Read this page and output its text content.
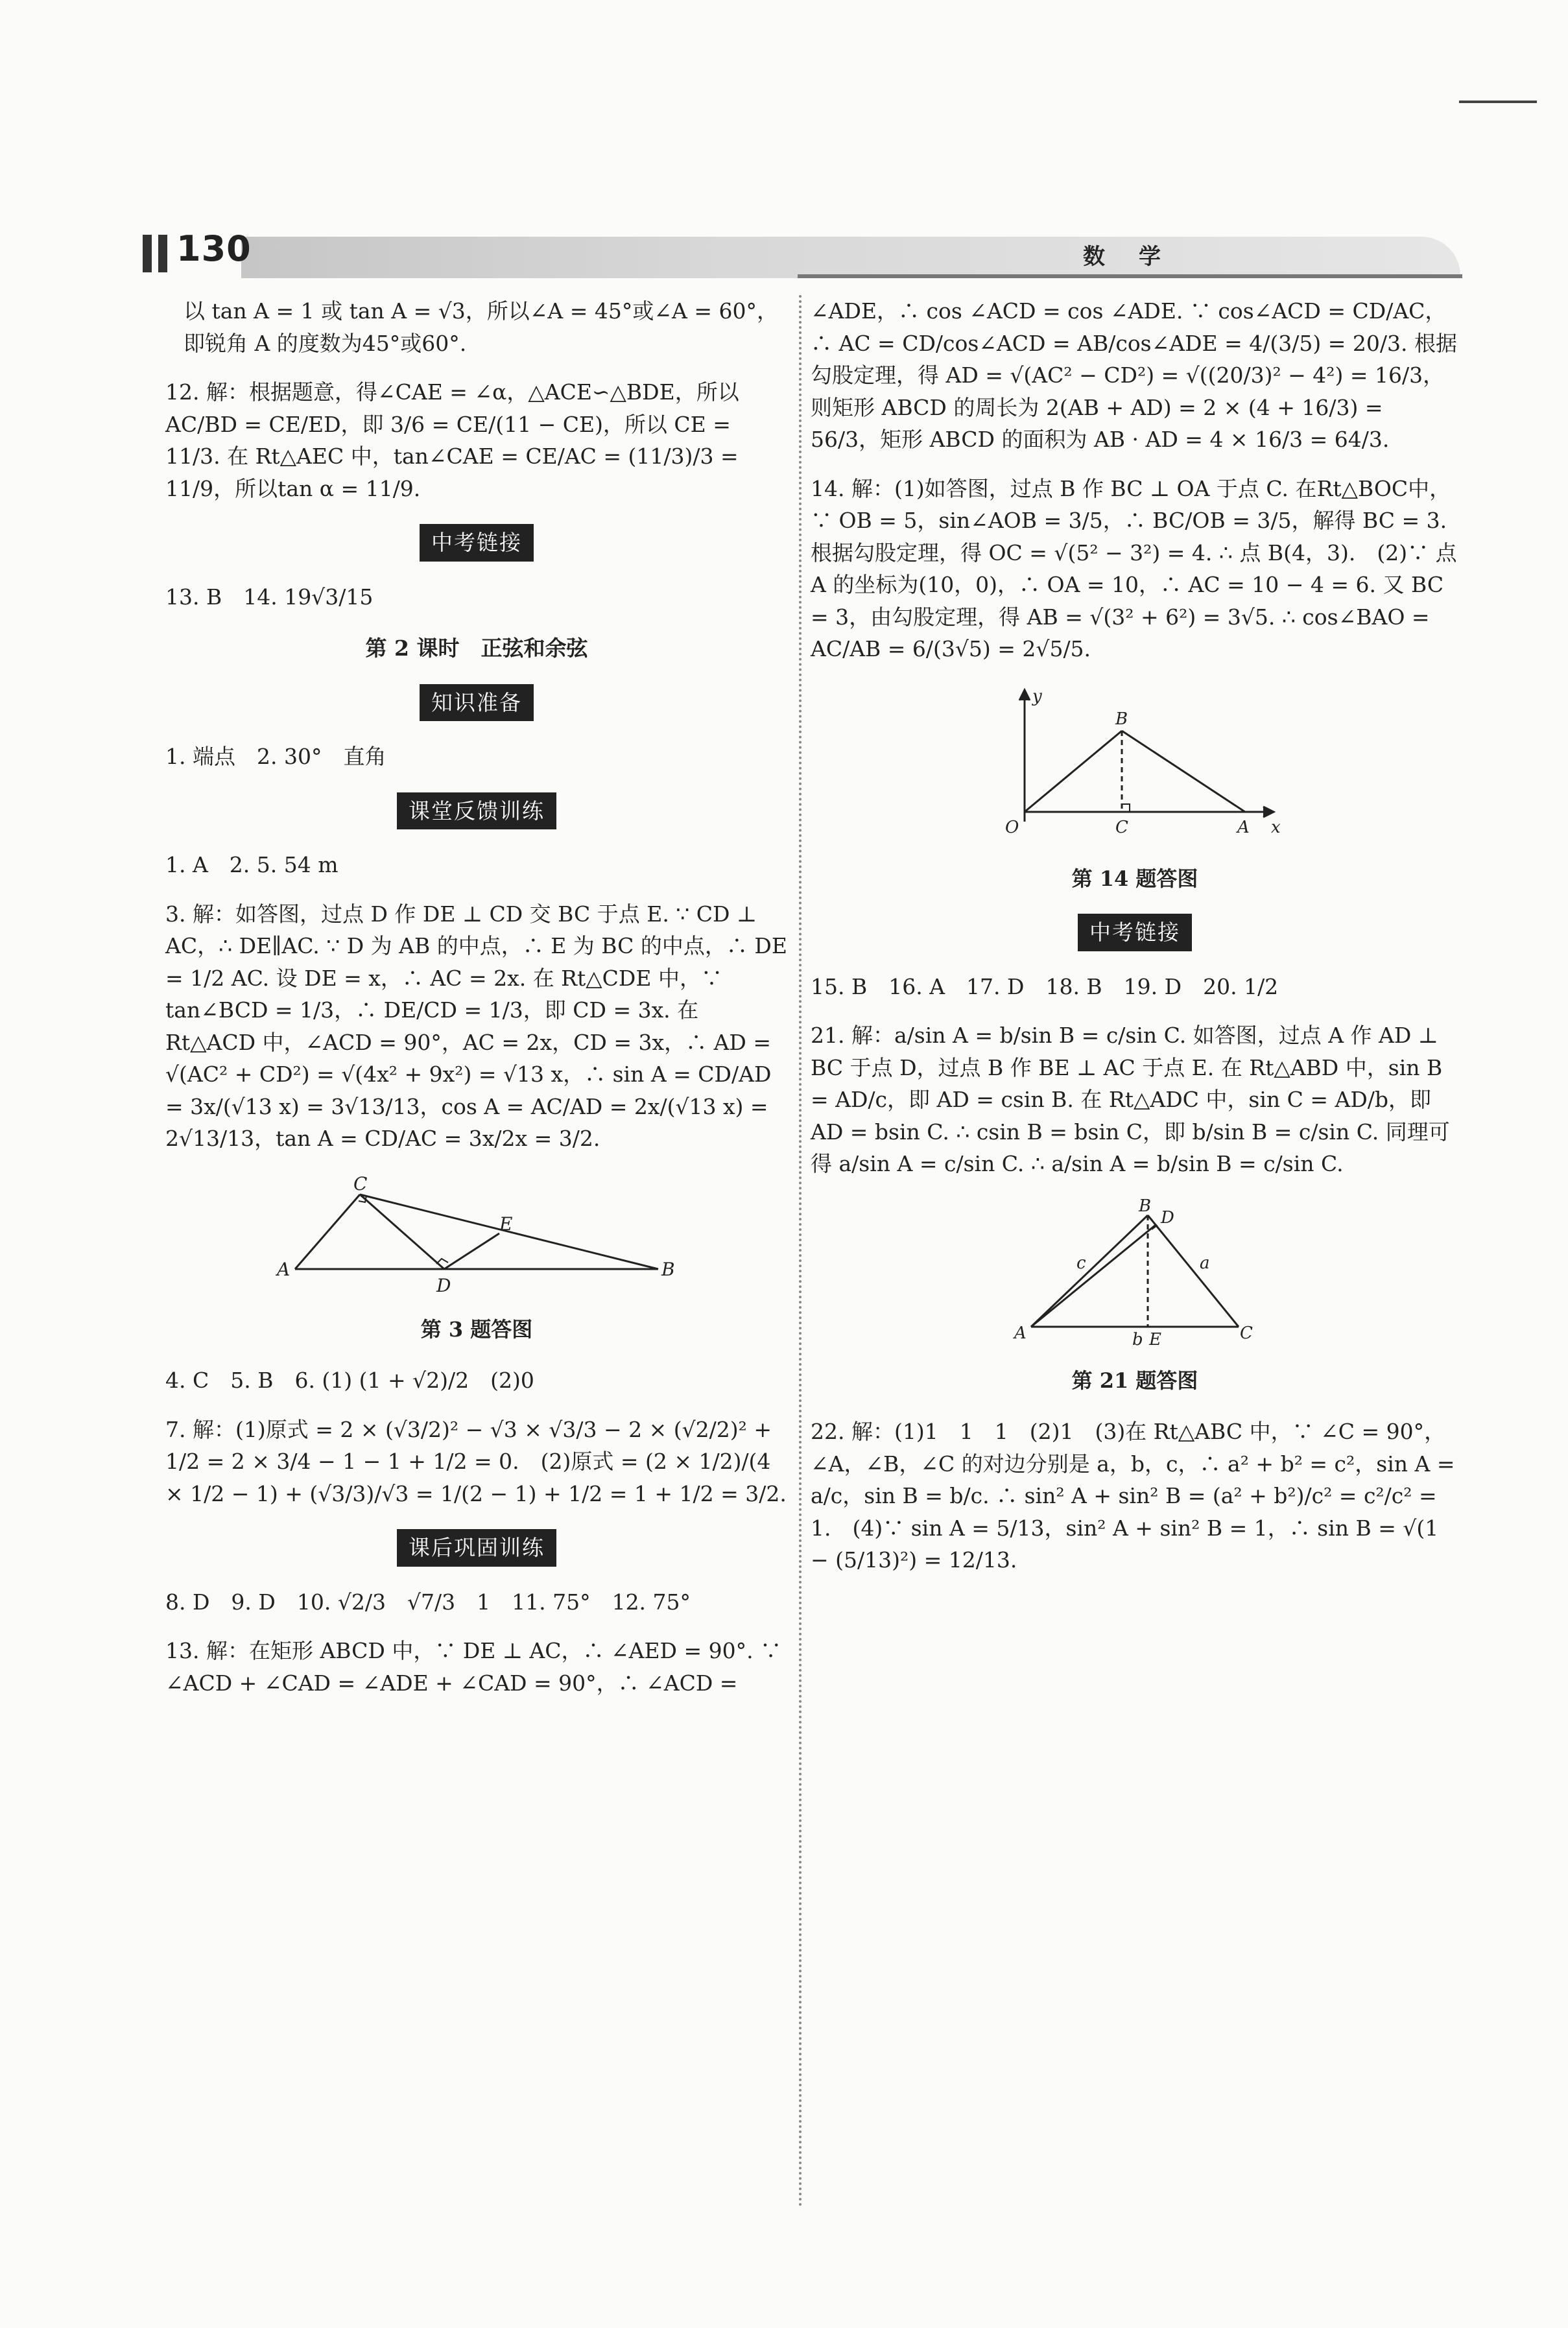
130	数学

以 tan A = 1 或 tan A = √3，所以∠A = 45°或∠A = 60°，即锐角 A 的度数为45°或60°.

12. 解：根据题意，得∠CAE = ∠α，△ACE∽△BDE，所以AC/BD = CE/ED，即 3/6 = CE/(11 − CE)，所以 CE = 11/3. 在 Rt△AEC 中，tan∠CAE = CE/AC = (11/3)/3 = 11/9，所以tan α = 11/9.

中考链接

13. B　14. 19√3/15

第 2 课时　正弦和余弦
知识准备

1. 端点　2. 30°　直角

课堂反馈训练

1. A　2. 5. 54 m

3. 解：如答图，过点 D 作 DE ⊥ CD 交 BC 于点 E. ∵ CD ⊥ AC，∴ DE∥AC. ∵ D 为 AB 的中点，∴ E 为 BC 的中点，∴ DE = 1/2 AC. 设 DE = x，∴ AC = 2x. 在 Rt△CDE 中，∵ tan∠BCD = 1/3，∴ DE/CD = 1/3，即 CD = 3x. 在 Rt△ACD 中，∠ACD = 90°，AC = 2x，CD = 3x，∴ AD = √(AC² + CD²) = √(4x² + 9x²) = √13 x，∴ sin A = CD/AD = 3x/(√13 x) = 3√13/13，cos A = AC/AD = 2x/(√13 x) = 2√13/13，tan A = CD/AC = 3x/2x = 3/2.

C
E
A
D
B
第 3 题答图

4. C　5. B　6. (1) (1 + √2)/2　(2)0

7. 解：(1)原式 = 2 × (√3/2)² − √3 × √3/3 − 2 × (√2/2)² + 1/2 = 2 × 3/4 − 1 − 1 + 1/2 = 0.　(2)原式 = (2 × 1/2)/(4 × 1/2 − 1) + (√3/3)/√3 = 1/(2 − 1) + 1/2 = 1 + 1/2 = 3/2.

课后巩固训练

8. D　9. D　10. √2/3　√7/3　1　11. 75°　12. 75°

13. 解：在矩形 ABCD 中，∵ DE ⊥ AC，∴ ∠AED = 90°. ∵ ∠ACD + ∠CAD = ∠ADE + ∠CAD = 90°，∴ ∠ACD =

∠ADE，∴ cos ∠ACD = cos ∠ADE. ∵ cos∠ACD = CD/AC，∴ AC = CD/cos∠ACD = AB/cos∠ADE = 4/(3/5) = 20/3. 根据勾股定理，得 AD = √(AC² − CD²) = √((20/3)² − 4²) = 16/3，则矩形 ABCD 的周长为 2(AB + AD) = 2 × (4 + 16/3) = 56/3，矩形 ABCD 的面积为 AB · AD = 4 × 16/3 = 64/3.

14. 解：(1)如答图，过点 B 作 BC ⊥ OA 于点 C. 在Rt△BOC中，∵ OB = 5，sin∠AOB = 3/5，∴ BC/OB = 3/5，解得 BC = 3. 根据勾股定理，得 OC = √(5² − 3²) = 4. ∴ 点 B(4，3).　(2)∵ 点 A 的坐标为(10，0)，∴ OA = 10，∴ AC = 10 − 4 = 6. 又 BC = 3，由勾股定理，得 AB = √(3² + 6²) = 3√5. ∴ cos∠BAO = AC/AB = 6/(3√5) = 2√5/5.

y
B
O	C	A x
第 14 题答图
中考链接

15. B　16. A　17. D　18. B　19. D　20. 1/2

21. 解：a/sin A = b/sin B = c/sin C. 如答图，过点 A 作 AD ⊥ BC 于点 D，过点 B 作 BE ⊥ AC 于点 E. 在 Rt△ABD 中，sin B = AD/c，即 AD = csin B. 在 Rt△ADC 中，sin C = AD/b，即 AD = bsin C. ∴ csin B = bsin C，即 b/sin B = c/sin C. 同理可得 a/sin A = c/sin C. ∴ a/sin A = b/sin B = c/sin C.

B
D
c	a
A	b E	C
第 21 题答图

22. 解：(1)1　1　1　(2)1　(3)在 Rt△ABC 中，∵ ∠C = 90°，∠A，∠B，∠C 的对边分别是 a，b，c，∴ a² + b² = c²，sin A = a/c，sin B = b/c. ∴ sin² A + sin² B = (a² + b²)/c² = c²/c² = 1.　(4)∵ sin A = 5/13，sin² A + sin² B = 1，∴ sin B = √(1 − (5/13)²) = 12/13.
